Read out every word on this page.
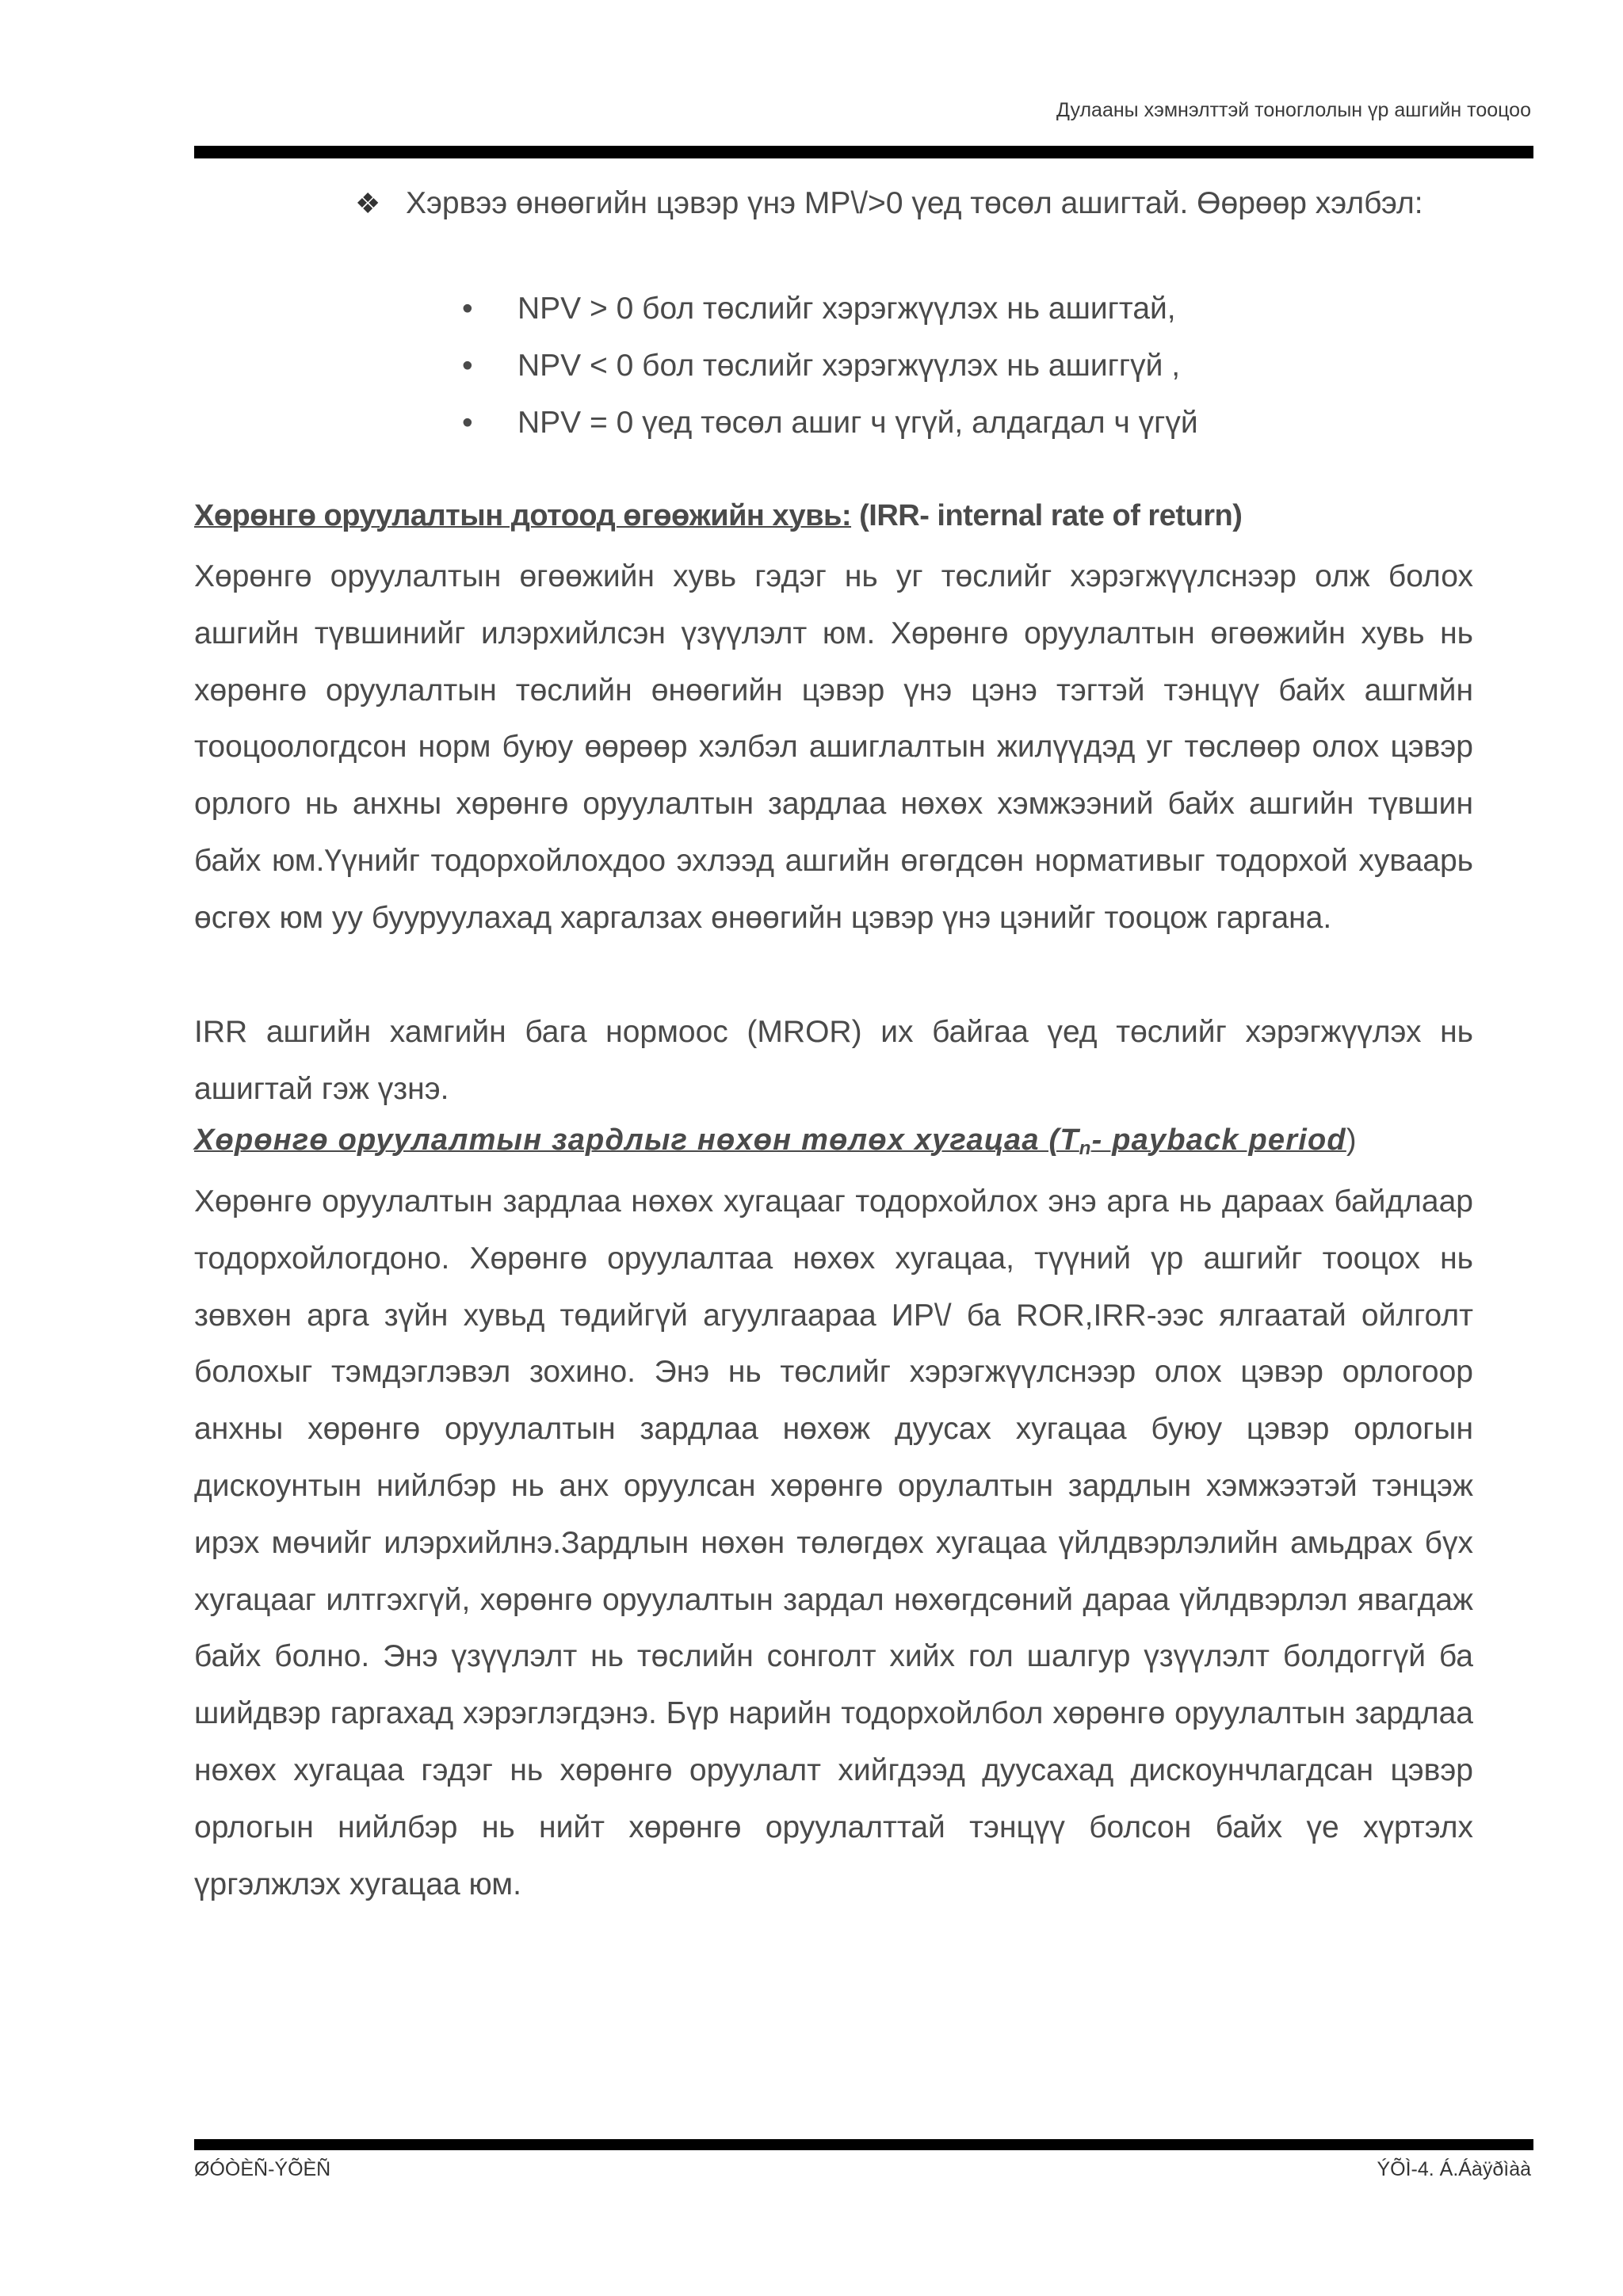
Дулааны хэмнэлттэй тоноглолын үр ашгийн тооцоо
❖ Хэрвээ өнөөгийн цэвэр үнэ МР\/>0 үед төсөл ашигтай. Өөрөөр хэлбэл:
• NPV > 0 бол төслийг хэрэгжүүлэх нь ашигтай,
• NPV < 0 бол төслийг хэрэгжүүлэх нь ашиггүй ,
• NPV = 0 үед төсөл ашиг ч үгүй, алдагдал ч үгүй
Хөрөнгө оруулалтын дотоод өгөөжийн хувь: (IRR- internal rate of return)

Хөрөнгө оруулалтын өгөөжийн хувь гэдэг нь уг төслийг хэрэгжүүлснээр олж болох ашгийн түвшинийг илэрхийлсэн үзүүлэлт юм. Хөрөнгө оруулалтын өгөөжийн хувь нь хөрөнгө оруулалтын төслийн өнөөгийн цэвэр үнэ цэнэ тэгтэй тэнцүү байх ашгмйн тооцоологдсон норм буюу өөрөөр хэлбэл ашиглалтын жилүүдэд уг төслөөр олох цэвэр орлого нь анхны хөрөнгө оруулалтын зардлаа нөхөх хэмжээний байх ашгийн түвшин байх юм.Үүнийг тодорхойлохдоо эхлээд ашгийн өгөгдсөн нормативыг тодорхой хуваарь өсгөх юм уу бууруулахад харгалзах өнөөгийн цэвэр үнэ цэнийг тооцож гаргана.

IRR ашгийн хамгийн бага нормоос (MROR) их байгаа үед төслийг хэрэгжүүлэх нь ашигтай гэж үзнэ.

Хөрөнгө оруулалтын зардлыг нөхөн төлөх хугацаа ($T_n-$ payback period)

Хөрөнгө оруулалтын зардлаа нөхөх хугацааг тодорхойлох энэ арга нь дараах байдлаар тодорхойлогдоно. Хөрөнгө оруулалтаа нөхөх хугацаа, түүний үр ашгийг тооцох нь зөвхөн арга зүйн хувьд төдийгүй агуулгаараа ИР\/ ба ROR,IRR-ээс ялгаатай ойлголт болохыг тэмдэглэвэл зохино. Энэ нь төслийг хэрэгжүүлснээр олох цэвэр орлогоор анхны хөрөнгө оруулалтын зардлаа нөхөж дуусах хугацаа буюу цэвэр орлогын дискоунтын нийлбэр нь анх оруулсан хөрөнгө орулалтын зардлын хэмжээтэй тэнцэж ирэх мөчийг илэрхийлнэ.Зардлын нөхөн төлөгдөх хугацаа үйлдвэрлэлийн амьдрах бүх хугацааг илтгэхгүй, хөрөнгө оруулалтын зардал нөхөгдсөний дараа үйлдвэрлэл явагдаж байх болно. Энэ үзүүлэлт нь төслийн сонголт хийх гол шалгур үзүүлэлт болдоггүй ба шийдвэр гаргахад хэрэглэгдэнэ. Бүр нарийн тодорхойлбол хөрөнгө оруулалтын зардлаа нөхөх хугацаа гэдэг нь хөрөнгө оруулалт хийгдээд дуусахад дискоунчлагдсан цэвэр орлогын нийлбэр нь нийт хөрөнгө оруулалттай тэнцүү болсон байх үе хүртэлх үргэлжлэх хугацаа юм.

ØÓÒÈÑ-ÝÕÈÑ	ÝÕÌ-4. Á.Áàÿðìàà
